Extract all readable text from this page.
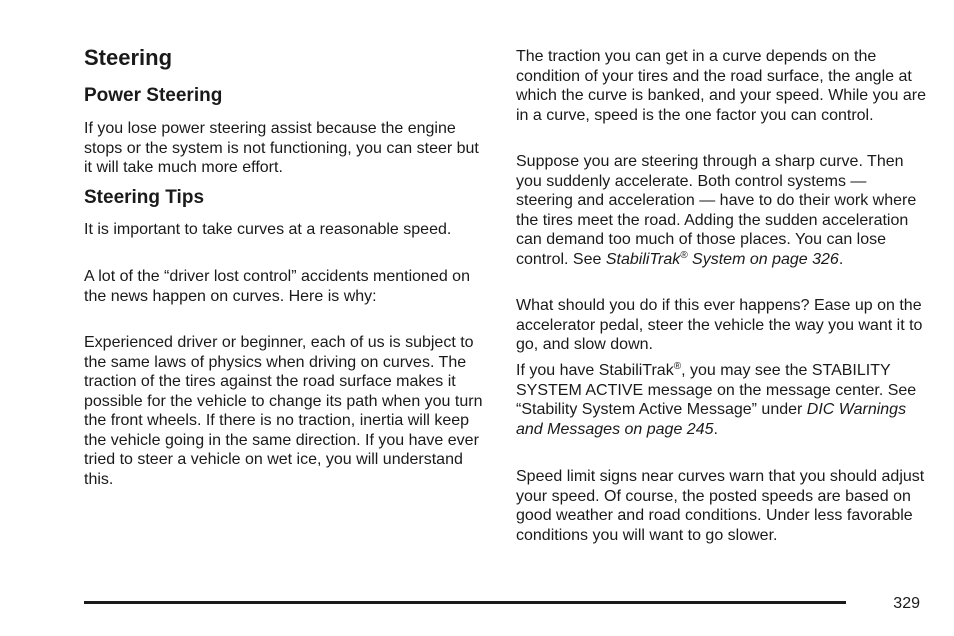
Steering
Power Steering

If you lose power steering assist because the engine stops or the system is not functioning, you can steer but it will take much more effort.

Steering Tips

It is important to take curves at a reasonable speed.

A lot of the “driver lost control” accidents mentioned on the news happen on curves. Here is why:

Experienced driver or beginner, each of us is subject to the same laws of physics when driving on curves. The traction of the tires against the road surface makes it possible for the vehicle to change its path when you turn the front wheels. If there is no traction, inertia will keep the vehicle going in the same direction. If you have ever tried to steer a vehicle on wet ice, you will understand this.

The traction you can get in a curve depends on the condition of your tires and the road surface, the angle at which the curve is banked, and your speed. While you are in a curve, speed is the one factor you can control.

Suppose you are steering through a sharp curve. Then you suddenly accelerate. Both control systems — steering and acceleration — have to do their work where the tires meet the road. Adding the sudden acceleration can demand too much of those places. You can lose control. See StabiliTrak® System on page 326.

What should you do if this ever happens? Ease up on the accelerator pedal, steer the vehicle the way you want it to go, and slow down.

If you have StabiliTrak®, you may see the STABILITY SYSTEM ACTIVE message on the message center. See “Stability System Active Message” under DIC Warnings and Messages on page 245.

Speed limit signs near curves warn that you should adjust your speed. Of course, the posted speeds are based on good weather and road conditions. Under less favorable conditions you will want to go slower.

329
